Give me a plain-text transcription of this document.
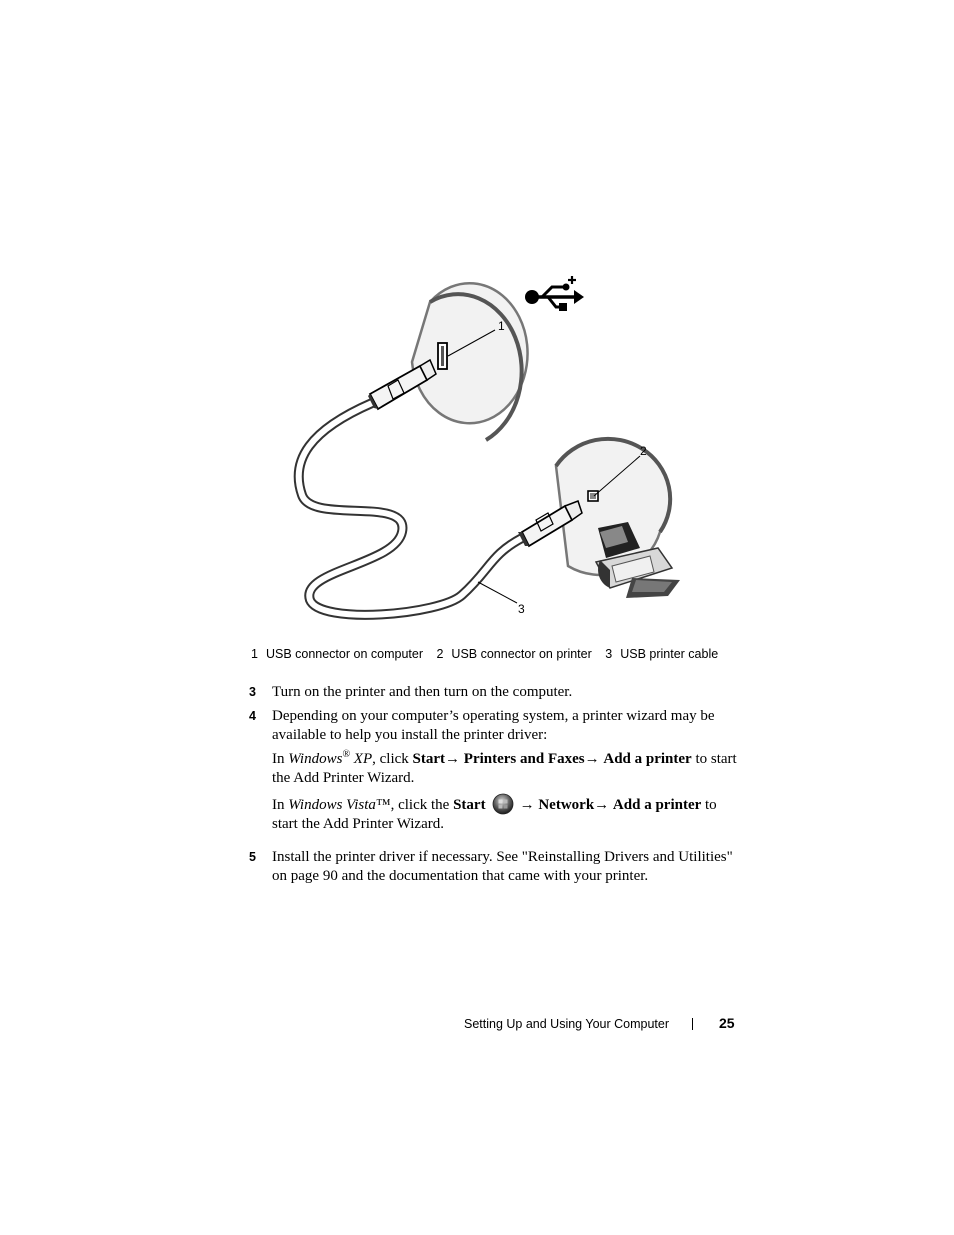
1
2
3
1 USB connector on computer 2 USB connector on printer 3 USB printer cable
3 Turn on the printer and then turn on the computer.

4 Depending on your computer’s operating system, a printer wizard may be available to help you install the printer driver:

In Windows® XP, click Start→ Printers and Faxes→ Add a printer to start the Add Printer Wizard.

In Windows Vista™, click the Start → Network→ Add a printer to start the Add Printer Wizard.

5 Install the printer driver if necessary. See "Reinstalling Drivers and Utilities" on page 90 and the documentation that came with your printer.

Setting Up and Using Your Computer	25
